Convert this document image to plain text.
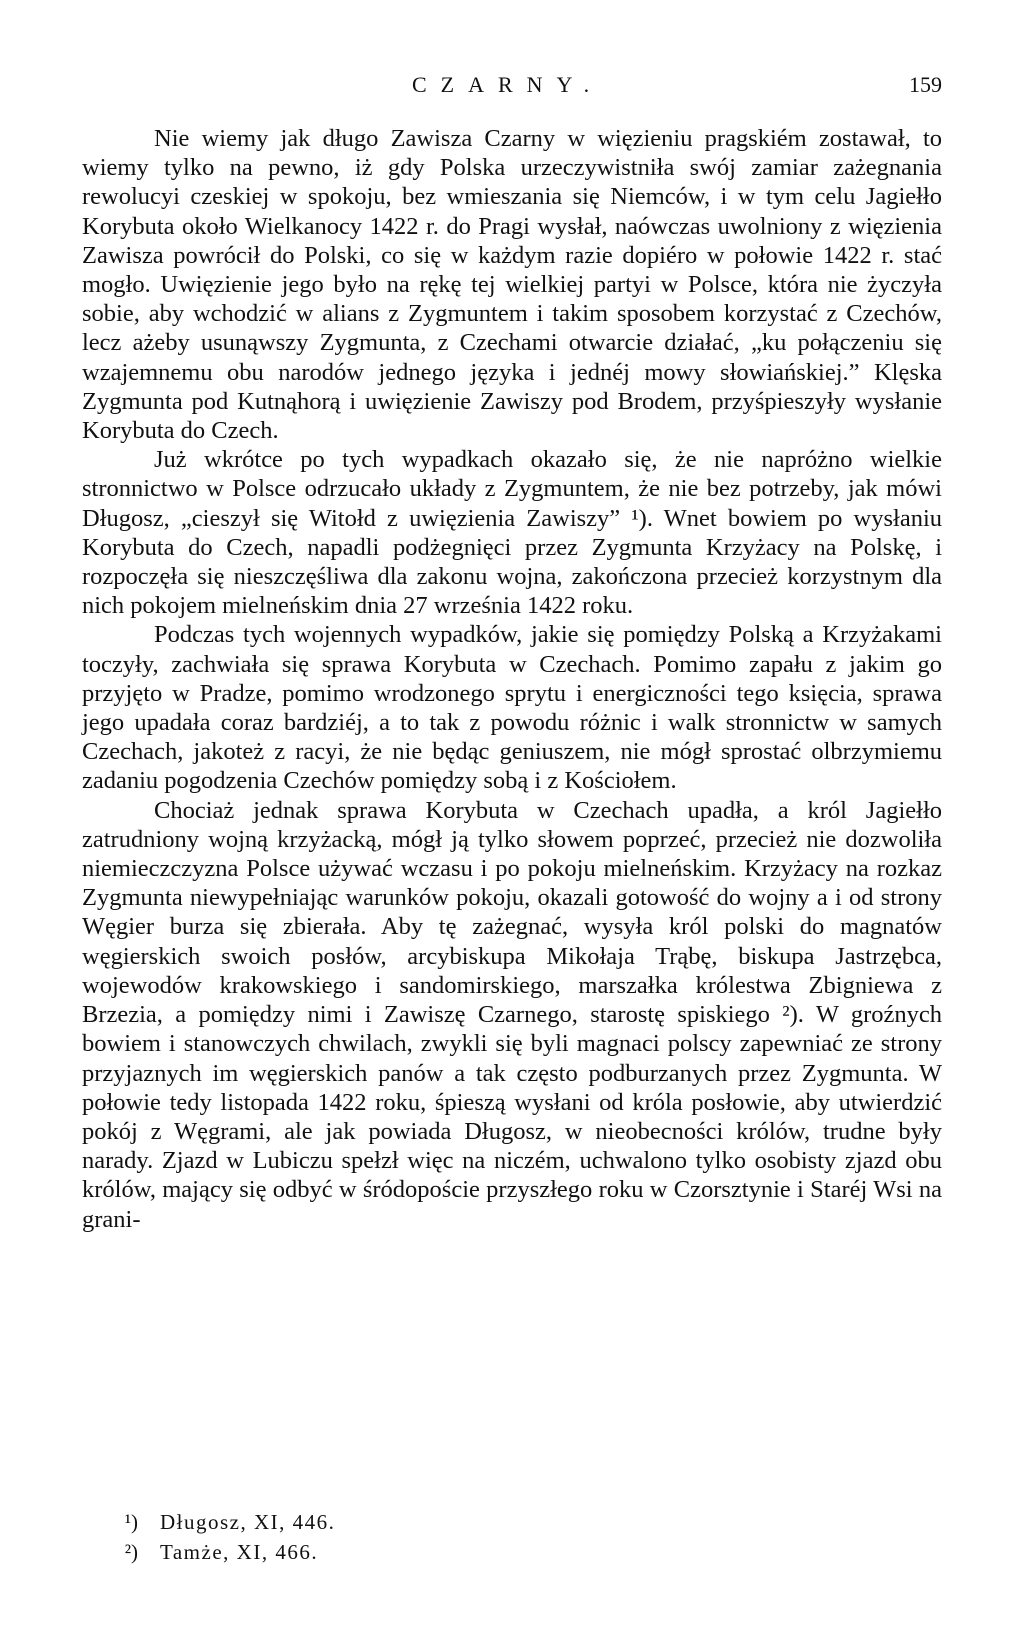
CZARNY.	159

Nie wiemy jak długo Zawisza Czarny w więzieniu pragskiém zostawał, to wiemy tylko na pewno, iż gdy Polska urzeczywistniła swój zamiar zażegnania rewolucyi czeskiej w spokoju, bez wmieszania się Niemców, i w tym celu Jagiełło Korybuta około Wielkanocy 1422 r. do Pragi wysłał, naówczas uwolniony z więzienia Zawisza powrócił do Polski, co się w każdym razie dopiéro w połowie 1422 r. stać mogło. Uwięzienie jego było na rękę tej wielkiej partyi w Polsce, która nie życzyła sobie, aby wchodzić w alians z Zygmuntem i takim sposobem korzystać z Czechów, lecz ażeby usunąwszy Zygmunta, z Czechami otwarcie działać, „ku połączeniu się wzajemnemu obu narodów jednego języka i jednéj mowy słowiańskiej.” Klęska Zygmunta pod Kutnąhorą i uwięzienie Zawiszy pod Brodem, przyśpieszyły wysłanie Korybuta do Czech.

Już wkrótce po tych wypadkach okazało się, że nie napróżno wielkie stronnictwo w Polsce odrzucało układy z Zygmuntem, że nie bez potrzeby, jak mówi Długosz, „cieszył się Witołd z uwięzienia Zawiszy” ¹). Wnet bowiem po wysłaniu Korybuta do Czech, napadli podżegnięci przez Zygmunta Krzyżacy na Polskę, i rozpoczęła się nieszczęśliwa dla zakonu wojna, zakończona przecież korzystnym dla nich pokojem mielneńskim dnia 27 września 1422 roku.

Podczas tych wojennych wypadków, jakie się pomiędzy Polską a Krzyżakami toczyły, zachwiała się sprawa Korybuta w Czechach. Pomimo zapału z jakim go przyjęto w Pradze, pomimo wrodzonego sprytu i energiczności tego księcia, sprawa jego upadała coraz bardziéj, a to tak z powodu różnic i walk stronnictw w samych Czechach, jakoteż z racyi, że nie będąc geniuszem, nie mógł sprostać olbrzymiemu zadaniu pogodzenia Czechów pomiędzy sobą i z Kościołem.

Chociaż jednak sprawa Korybuta w Czechach upadła, a król Jagiełło zatrudniony wojną krzyżacką, mógł ją tylko słowem poprzeć, przecież nie dozwoliła niemieczczyzna Polsce używać wczasu i po pokoju mielneńskim. Krzyżacy na rozkaz Zygmunta niewypełniając warunków pokoju, okazali gotowość do wojny a i od strony Węgier burza się zbierała. Aby tę zażegnać, wysyła król polski do magnatów węgierskich swoich posłów, arcybiskupa Mikołaja Trąbę, biskupa Jastrzębca, wojewodów krakowskiego i sandomirskiego, marszałka królestwa Zbigniewa z Brzezia, a pomiędzy nimi i Zawiszę Czarnego, starostę spiskiego ²). W groźnych bowiem i stanowczych chwilach, zwykli się byli magnaci polscy zapewniać ze strony przyjaznych im węgierskich panów a tak często podburzanych przez Zygmunta. W połowie tedy listopada 1422 roku, śpieszą wysłani od króla posłowie, aby utwierdzić pokój z Węgrami, ale jak powiada Długosz, w nieobecności królów, trudne były narady. Zjazd w Lubiczu spełzł więc na niczém, uchwalono tylko osobisty zjazd obu królów, mający się odbyć w śródopoście przyszłego roku w Czorsztynie i Staréj Wsi na grani-

¹) Długosz, XI, 446.
²) Tamże, XI, 466.
